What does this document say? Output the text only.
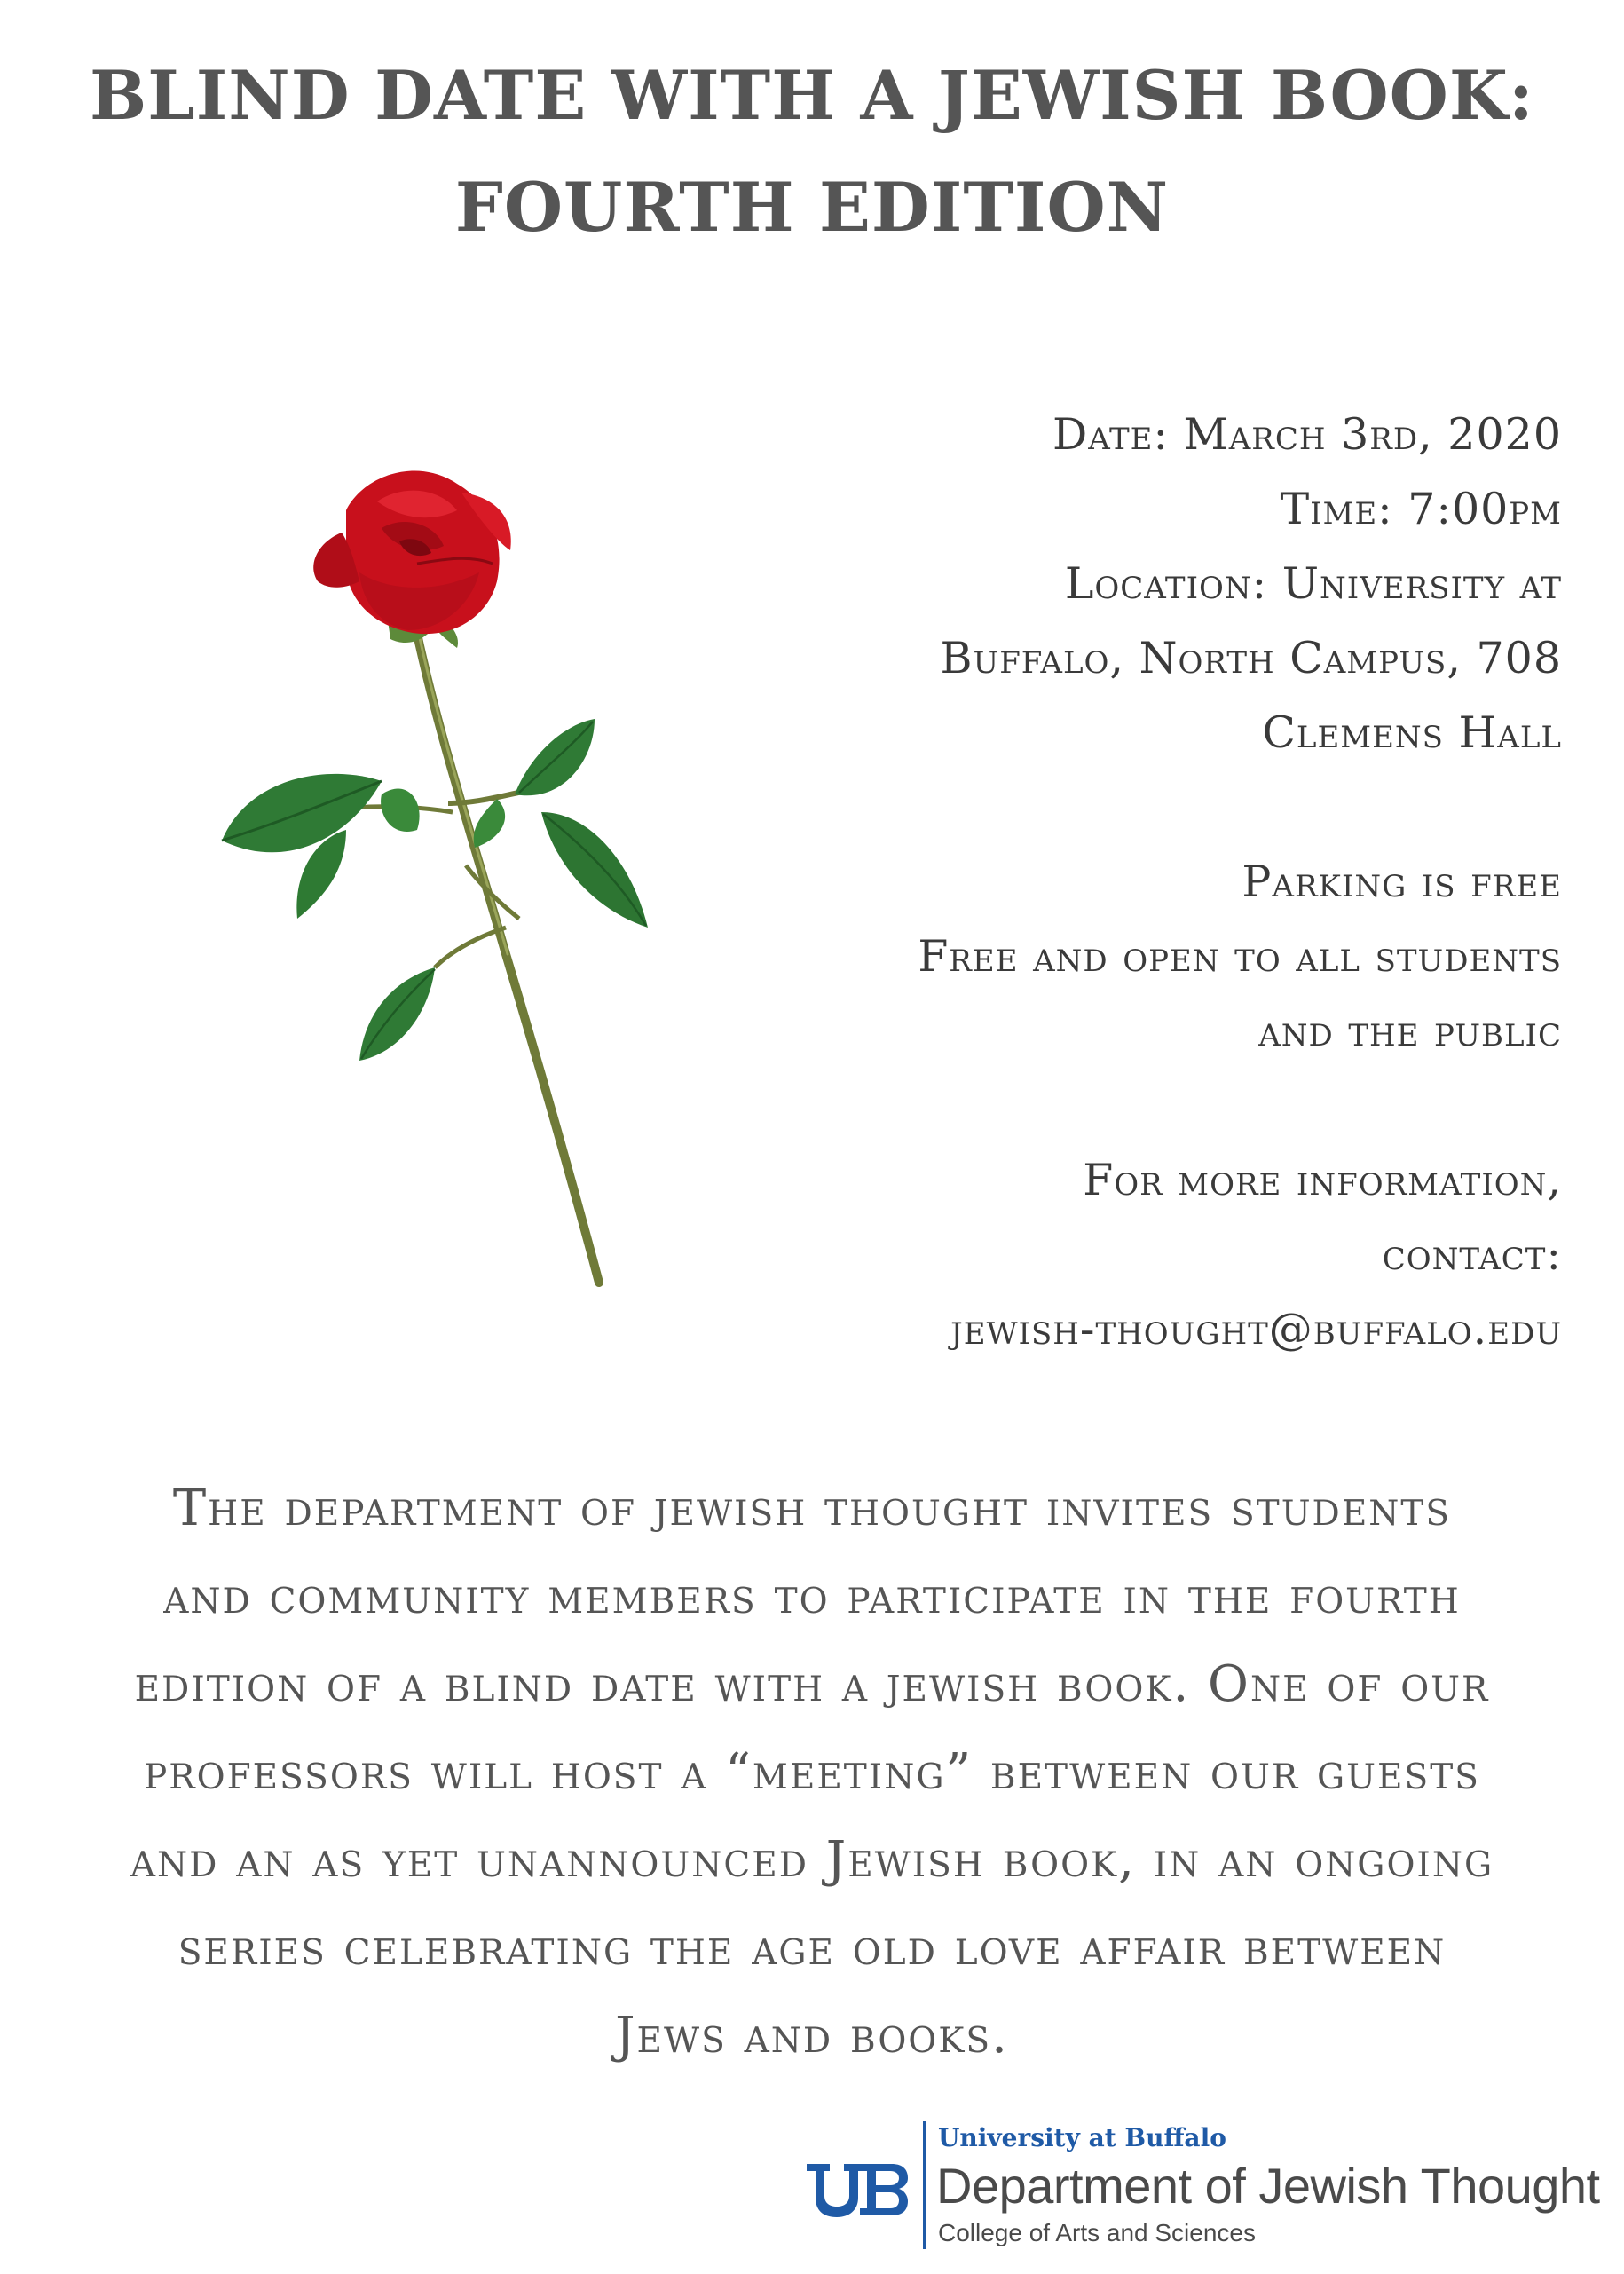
BLIND DATE WITH A JEWISH BOOK:
FOURTH EDITION
Date: March 3rd, 2020
Time: 7:00pm
Location: University at
Buffalo, North Campus, 708
Clemens Hall
Parking is free
Free and open to all students
and the public
For more information,
contact:
jewish-thought@buffalo.edu
The department of jewish thought invites students
and community members to participate in the fourth
edition of a blind date with a jewish book. One of our
professors will host a “meeting” between our guests
and an as yet unannounced Jewish book, in an ongoing
series celebrating the age old love affair between
Jews and books.
University at Buffalo
Department of Jewish Thought
College of Arts and Sciences
